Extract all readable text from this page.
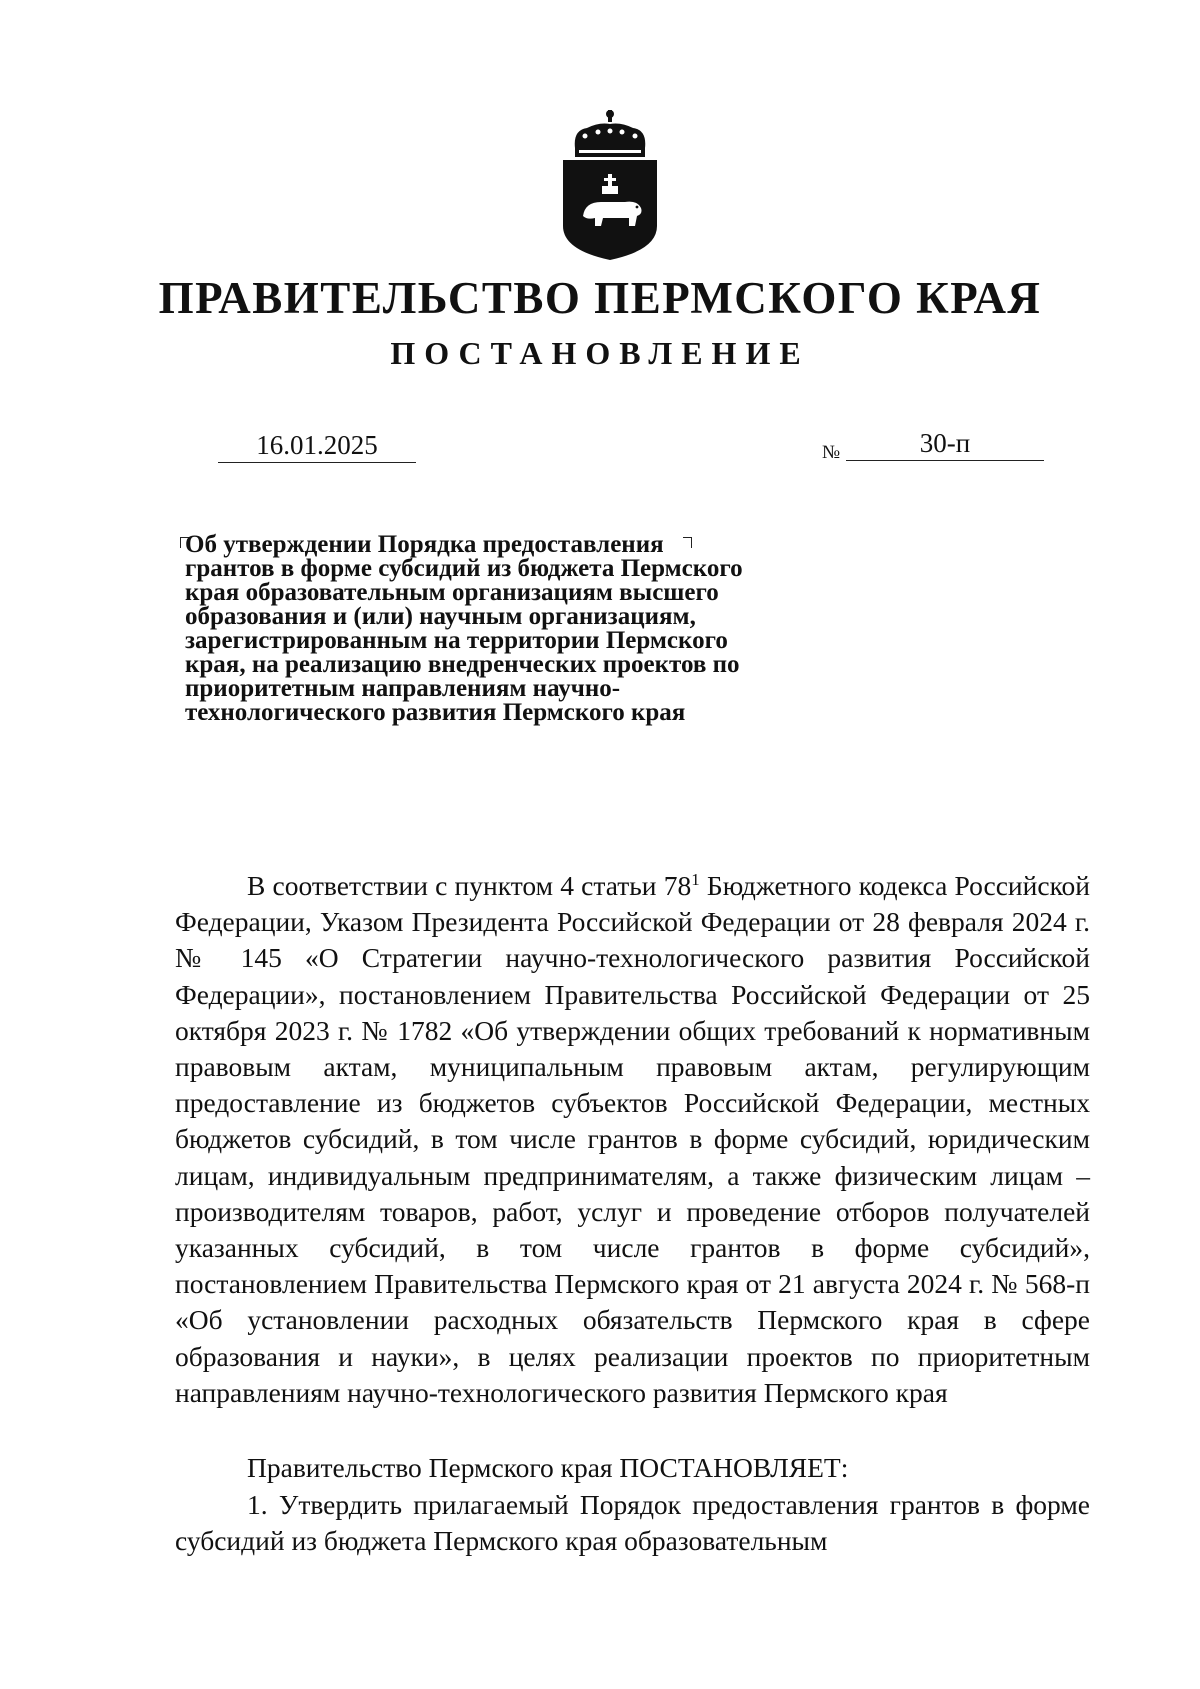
ПРАВИТЕЛЬСТВО ПЕРМСКОГО КРАЯ
ПОСТАНОВЛЕНИЕ
16.01.2025	№	30-п

Об утверждении Порядка предоставления грантов в форме субсидий из бюджета Пермского края образовательным организациям высшего образования и (или) научным организациям, зарегистрированным на территории Пермского края, на реализацию внедренческих проектов по приоритетным направлениям научно-технологического развития Пермского края

В соответствии с пунктом 4 статьи $78^1$ Бюджетного кодекса Российской Федерации, Указом Президента Российской Федерации от 28 февраля 2024 г. № 145 «О Стратегии научно-технологического развития Российской Федерации», постановлением Правительства Российской Федерации от 25 октября 2023 г. № 1782 «Об утверждении общих требований к нормативным правовым актам, муниципальным правовым актам, регулирующим предоставление из бюджетов субъектов Российской Федерации, местных бюджетов субсидий, в том числе грантов в форме субсидий, юридическим лицам, индивидуальным предпринимателям, а также физическим лицам – производителям товаров, работ, услуг и проведение отборов получателей указанных субсидий, в том числе грантов в форме субсидий», постановлением Правительства Пермского края от 21 августа 2024 г. № 568-п «Об установлении расходных обязательств Пермского края в сфере образования и науки», в целях реализации проектов по приоритетным направлениям научно-технологического развития Пермского края

Правительство Пермского края ПОСТАНОВЛЯЕТ:

1. Утвердить прилагаемый Порядок предоставления грантов в форме субсидий из бюджета Пермского края образовательным
